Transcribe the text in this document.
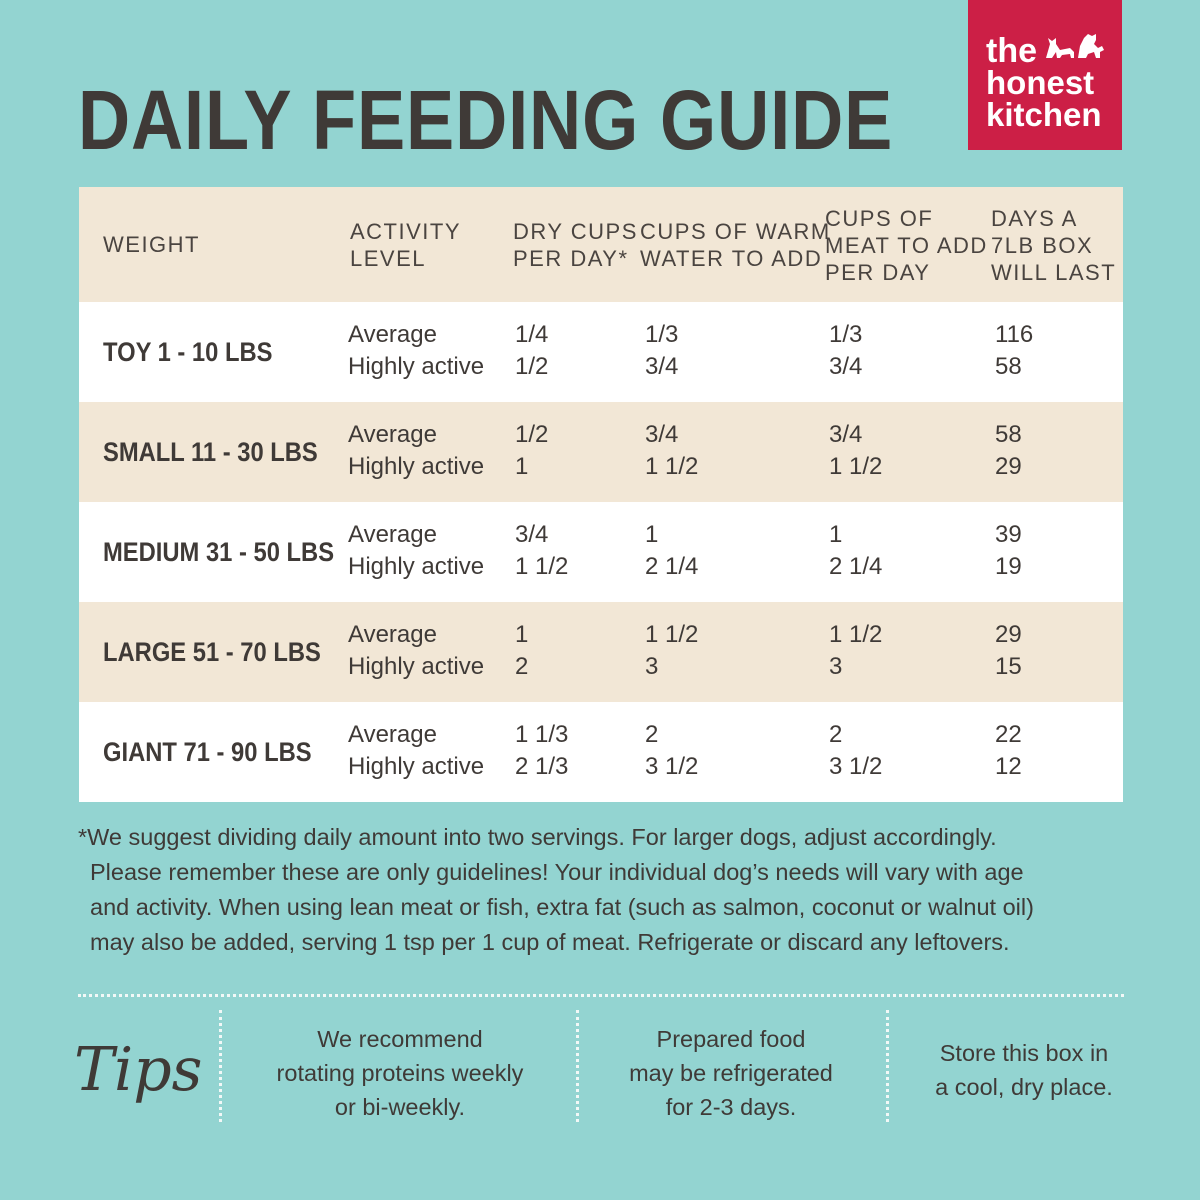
DAILY FEEDING GUIDE
the
honest
kitchen
WEIGHT
ACTIVITY
LEVEL
DRY CUPS
PER DAY*
CUPS OF WARM
WATER TO ADD
CUPS OF
MEAT TO ADD
PER DAY
DAYS A
7LB BOX
WILL LAST
TOY 1 - 10 LBS
Average
Highly active
1/4
1/2
1/3
3/4
1/3
3/4
116
58
SMALL 11 - 30 LBS
Average
Highly active
1/2
1
3/4
1 1/2
3/4
1 1/2
58
29
MEDIUM 31 - 50 LBS
Average
Highly active
3/4
1 1/2
1
2 1/4
1
2 1/4
39
19
LARGE 51 - 70 LBS
Average
Highly active
1
2
1 1/2
3
1 1/2
3
29
15
GIANT 71 - 90 LBS
Average
Highly active
1 1/3
2 1/3
2
3 1/2
2
3 1/2
22
12

*We suggest dividing daily amount into two servings. For larger dogs, adjust accordingly.

Please remember these are only guidelines! Your individual dog’s needs will vary with age

and activity. When using lean meat or fish, extra fat (such as salmon, coconut or walnut oil)

may also be added, serving 1 tsp per 1 cup of meat. Refrigerate or discard any leftovers.

Tips	We recommend
rotating proteins weekly
or bi-weekly.
Prepared food
may be refrigerated
for 2-3 days.
Store this box in
a cool, dry place.
